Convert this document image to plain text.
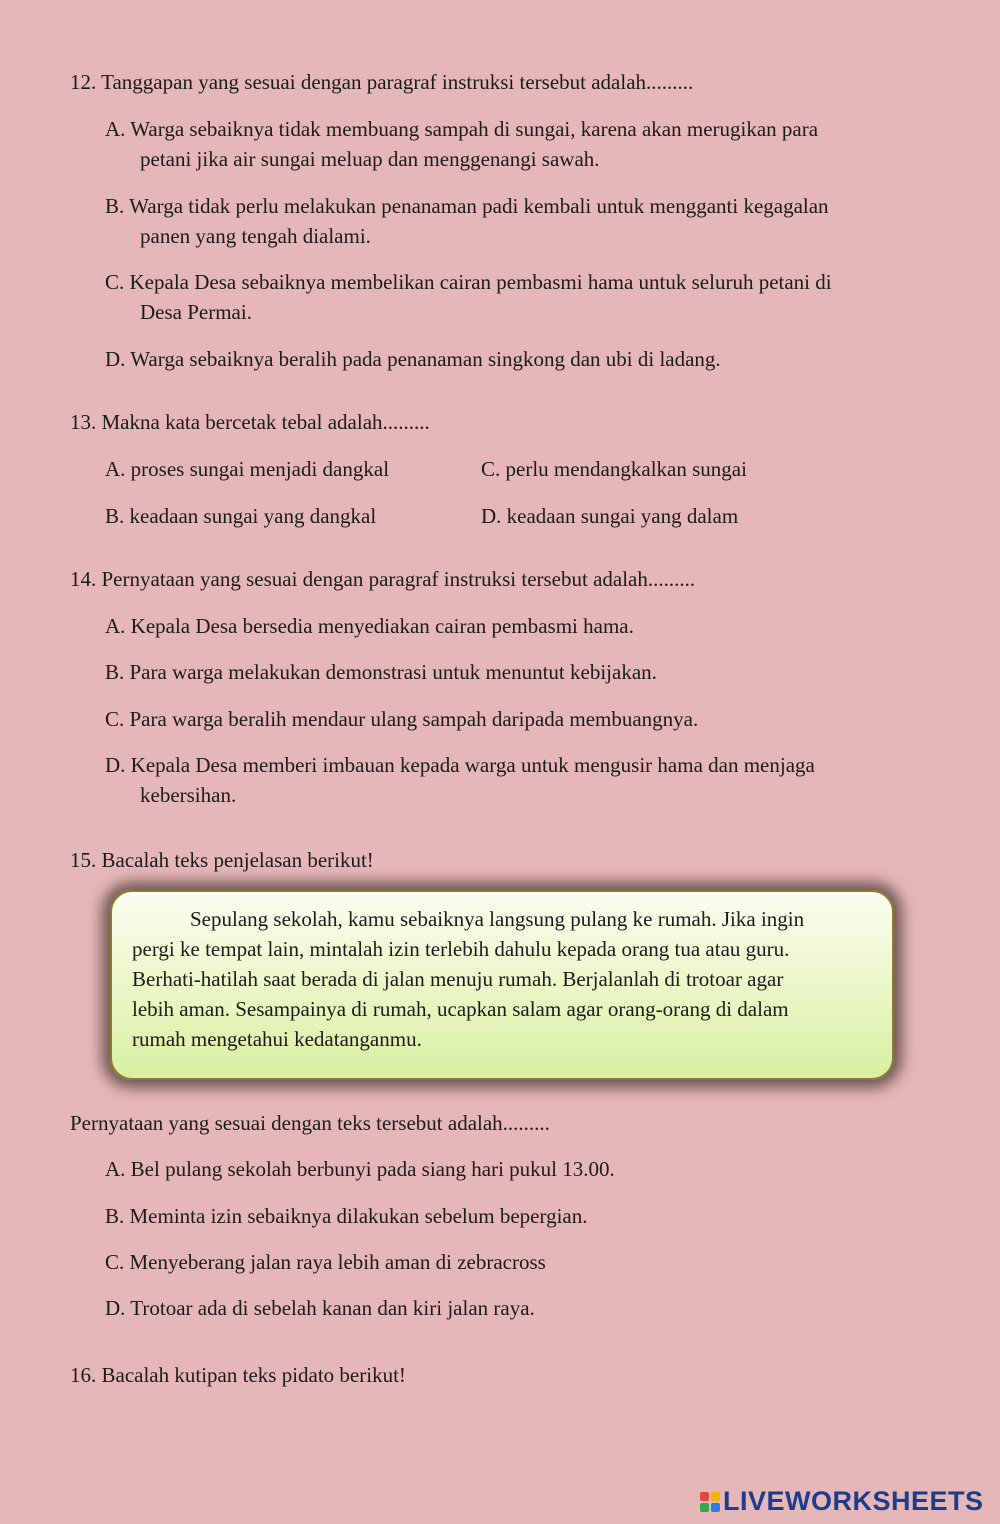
12. Tanggapan yang sesuai dengan paragraf instruksi tersebut adalah.........
A. Warga sebaiknya tidak membuang sampah di sungai, karena akan merugikan para
petani jika air sungai meluap dan menggenangi sawah.
B. Warga tidak perlu melakukan penanaman padi kembali untuk mengganti kegagalan
panen yang tengah dialami.
C. Kepala Desa sebaiknya membelikan cairan pembasmi hama untuk seluruh petani di
Desa Permai.
D. Warga sebaiknya beralih pada penanaman singkong dan ubi di ladang.
13. Makna kata bercetak tebal adalah.........
A. proses sungai menjadi dangkal	C. perlu mendangkalkan sungai
B. keadaan sungai yang dangkal	D. keadaan sungai yang dalam
14. Pernyataan yang sesuai dengan paragraf instruksi tersebut adalah.........
A. Kepala Desa bersedia menyediakan cairan pembasmi hama.
B. Para warga melakukan demonstrasi untuk menuntut kebijakan.
C. Para warga beralih mendaur ulang sampah daripada membuangnya.
D. Kepala Desa memberi imbauan kepada warga untuk mengusir hama dan menjaga
kebersihan.
15. Bacalah teks penjelasan berikut!
Sepulang sekolah, kamu sebaiknya langsung pulang ke rumah. Jika ingin
pergi ke tempat lain, mintalah izin terlebih dahulu kepada orang tua atau guru.
Berhati-hatilah saat berada di jalan menuju rumah. Berjalanlah di trotoar agar
lebih aman. Sesampainya di rumah, ucapkan salam agar orang-orang di dalam
rumah mengetahui kedatanganmu.
Pernyataan yang sesuai dengan teks tersebut adalah.........
A. Bel pulang sekolah berbunyi pada siang hari pukul 13.00.
B. Meminta izin sebaiknya dilakukan sebelum bepergian.
C. Menyeberang jalan raya lebih aman di zebracross
D. Trotoar ada di sebelah kanan dan kiri jalan raya.
16. Bacalah kutipan teks pidato berikut!
LIVEWORKSHEETS
